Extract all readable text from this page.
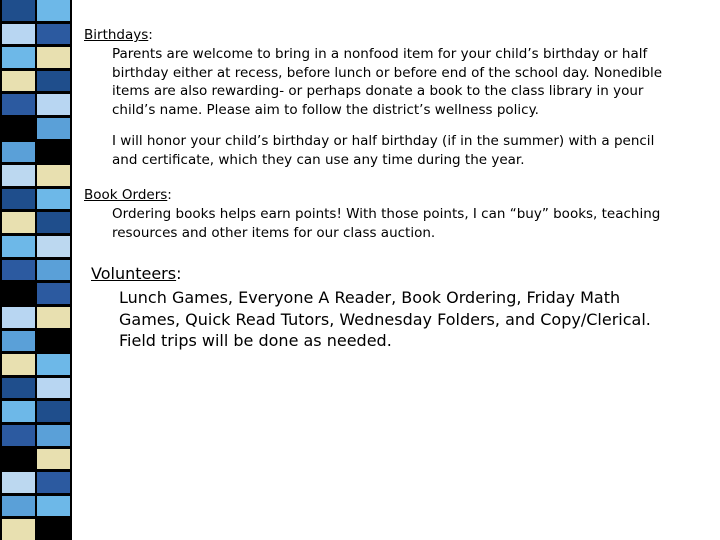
Birthdays:

Parents are welcome to bring in a nonfood item for your child’s birthday or half birthday either at recess, before lunch or before end of the school day. Nonedible items are also rewarding- or perhaps donate a book to the class library in your child’s name. Please aim to follow the district’s wellness policy.

I will honor your child’s birthday or half birthday (if in the summer) with a pencil and certificate, which they can use any time during the year.

Book Orders:

Ordering books helps earn points! With those points, I can “buy” books, teaching resources and other items for our class auction.

Volunteers:

Lunch Games, Everyone A Reader, Book Ordering, Friday Math Games, Quick Read Tutors, Wednesday Folders, and Copy/Clerical. Field trips will be done as needed.
